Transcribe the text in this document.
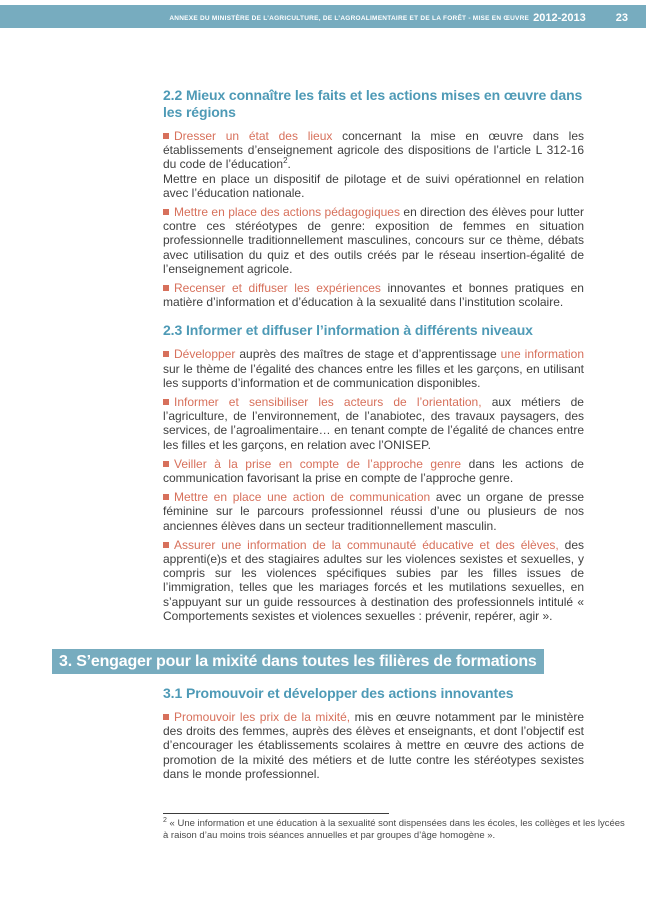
ANNEXE DU MINISTÈRE DE L’AGRICULTURE, DE L’AGROALIMENTAIRE ET DE LA FORÊT - MISE EN ŒUVRE 2012-2013	23
2.2 Mieux connaître les faits et les actions mises en œuvre dans les régions

Dresser un état des lieux concernant la mise en œuvre dans les établissements d’enseignement agricole des dispositions de l’article L 312-16 du code de l’éducation$^2$.

Mettre en place un dispositif de pilotage et de suivi opérationnel en relation avec l’éducation nationale.

Mettre en place des actions pédagogiques en direction des élèves pour lutter contre ces stéréotypes de genre: exposition de femmes en situation professionnelle traditionnellement masculines, concours sur ce thème, débats avec utilisation du quiz et des outils créés par le réseau insertion-égalité de l’enseignement agricole.

Recenser et diffuser les expériences innovantes et bonnes pratiques en matière d’information et d’éducation à la sexualité dans l’institution scolaire.

2.3 Informer et diffuser l’information à différents niveaux

Développer auprès des maîtres de stage et d’apprentissage une information sur le thème de l’égalité des chances entre les filles et les garçons, en utilisant les supports d’information et de communication disponibles.

Informer et sensibiliser les acteurs de l’orientation, aux métiers de l’agriculture, de l’environnement, de l’anabiotec, des travaux paysagers, des services, de l’agroalimentaire… en tenant compte de l’égalité de chances entre les filles et les garçons, en relation avec l’ONISEP.

Veiller à la prise en compte de l’approche genre dans les actions de communication favorisant la prise en compte de l’approche genre.

Mettre en place une action de communication avec un organe de presse féminine sur le parcours professionnel réussi d’une ou plusieurs de nos anciennes élèves dans un secteur traditionnellement masculin.

Assurer une information de la communauté éducative et des élèves, des apprenti(e)s et des stagiaires adultes sur les violences sexistes et sexuelles, y compris sur les violences spécifiques subies par les filles issues de l’immigration, telles que les mariages forcés et les mutilations sexuelles, en s’appuyant sur un guide ressources à destination des professionnels intitulé « Comportements sexistes et violences sexuelles : prévenir, repérer, agir ».

3. S’engager pour la mixité dans toutes les filières de formations
3.1 Promouvoir et développer des actions innovantes

Promouvoir les prix de la mixité, mis en œuvre notamment par le ministère des droits des femmes, auprès des élèves et enseignants, et dont l’objectif est d’encourager les établissements scolaires à mettre en œuvre des actions de promotion de la mixité des métiers et de lutte contre les stéréotypes sexistes dans le monde professionnel.

$^2$ « Une information et une éducation à la sexualité sont dispensées dans les écoles, les collèges et les lycées à raison d’au moins trois séances annuelles et par groupes d’âge homogène ».
